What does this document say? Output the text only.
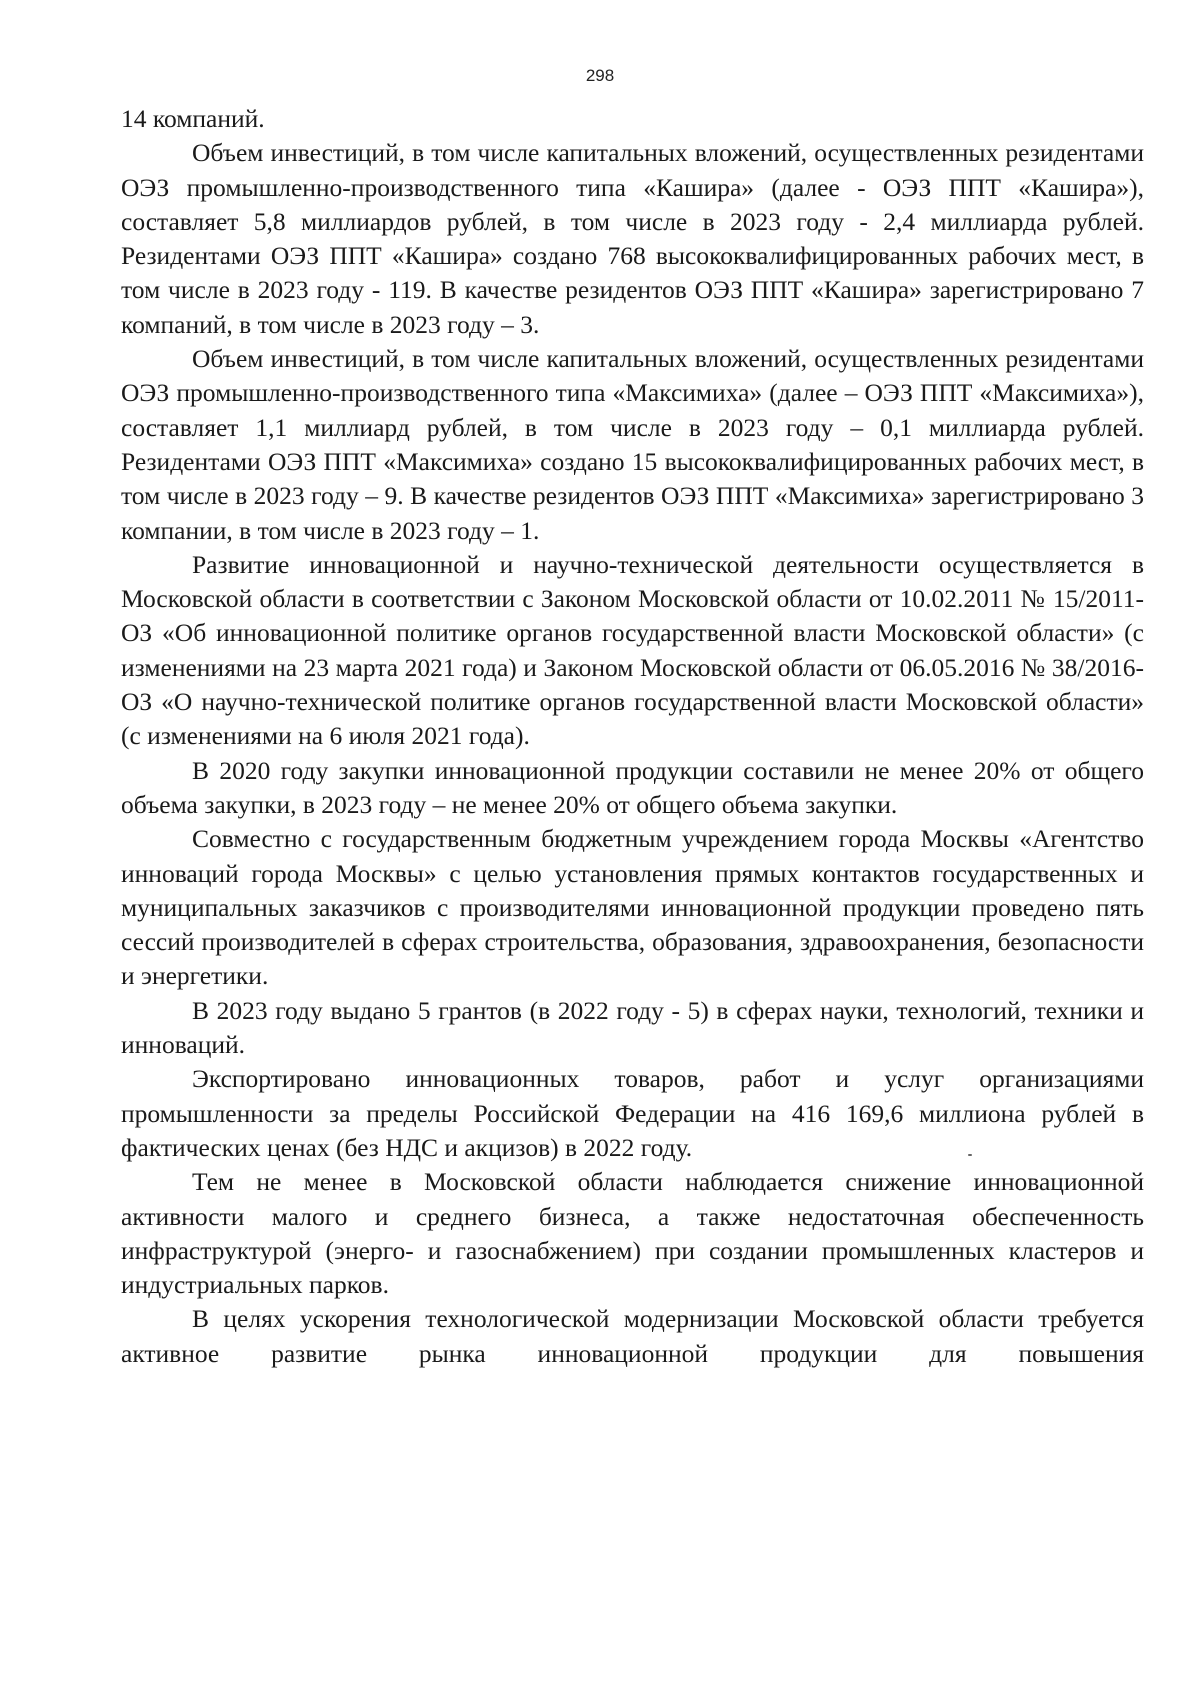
298

14 компаний.

Объем инвестиций, в том числе капитальных вложений, осуществленных резидентами ОЭЗ промышленно-производственного типа «Кашира» (далее - ОЭЗ ППТ «Кашира»), составляет 5,8 миллиардов рублей, в том числе в 2023 году - 2,4 миллиарда рублей. Резидентами ОЭЗ ППТ «Кашира» создано 768 высококвалифицированных рабочих мест, в том числе в 2023 году - 119. В качестве резидентов ОЭЗ ППТ «Кашира» зарегистрировано 7 компаний, в том числе в 2023 году – 3.

Объем инвестиций, в том числе капитальных вложений, осуществленных резидентами ОЭЗ промышленно-производственного типа «Максимиха» (далее – ОЭЗ ППТ «Максимиха»), составляет 1,1 миллиард рублей, в том числе в 2023 году – 0,1 миллиарда рублей. Резидентами ОЭЗ ППТ «Максимиха» создано 15 высококвалифицированных рабочих мест, в том числе в 2023 году – 9. В качестве резидентов ОЭЗ ППТ «Максимиха» зарегистрировано 3 компании, в том числе в 2023 году – 1.

Развитие инновационной и научно-технической деятельности осуществляется в Московской области в соответствии с Законом Московской области от 10.02.2011 № 15/2011-ОЗ «Об инновационной политике органов государственной власти Московской области» (с изменениями на 23 марта 2021 года) и Законом Московской области от 06.05.2016 № 38/2016-ОЗ «О научно-технической политике органов государственной власти Московской области» (с изменениями на 6 июля 2021 года).

В 2020 году закупки инновационной продукции составили не менее 20% от общего объема закупки, в 2023 году – не менее 20% от общего объема закупки.

Совместно с государственным бюджетным учреждением города Москвы «Агентство инноваций города Москвы» с целью установления прямых контактов государственных и муниципальных заказчиков с производителями инновационной продукции проведено пять сессий производителей в сферах строительства, образования, здравоохранения, безопасности и энергетики.

В 2023 году выдано 5 грантов (в 2022 году - 5) в сферах науки, технологий, техники и инноваций.

Экспортировано инновационных товаров, работ и услуг организациями промышленности за пределы Российской Федерации на 416 169,6 миллиона рублей в фактических ценах (без НДС и акцизов) в 2022 году.

Тем не менее в Московской области наблюдается снижение инновационной активности малого и среднего бизнеса, а также недостаточная обеспеченность инфраструктурой (энерго- и газоснабжением) при создании промышленных кластеров и индустриальных парков.

В целях ускорения технологической модернизации Московской области требуется активное развитие рынка инновационной продукции для повышения
